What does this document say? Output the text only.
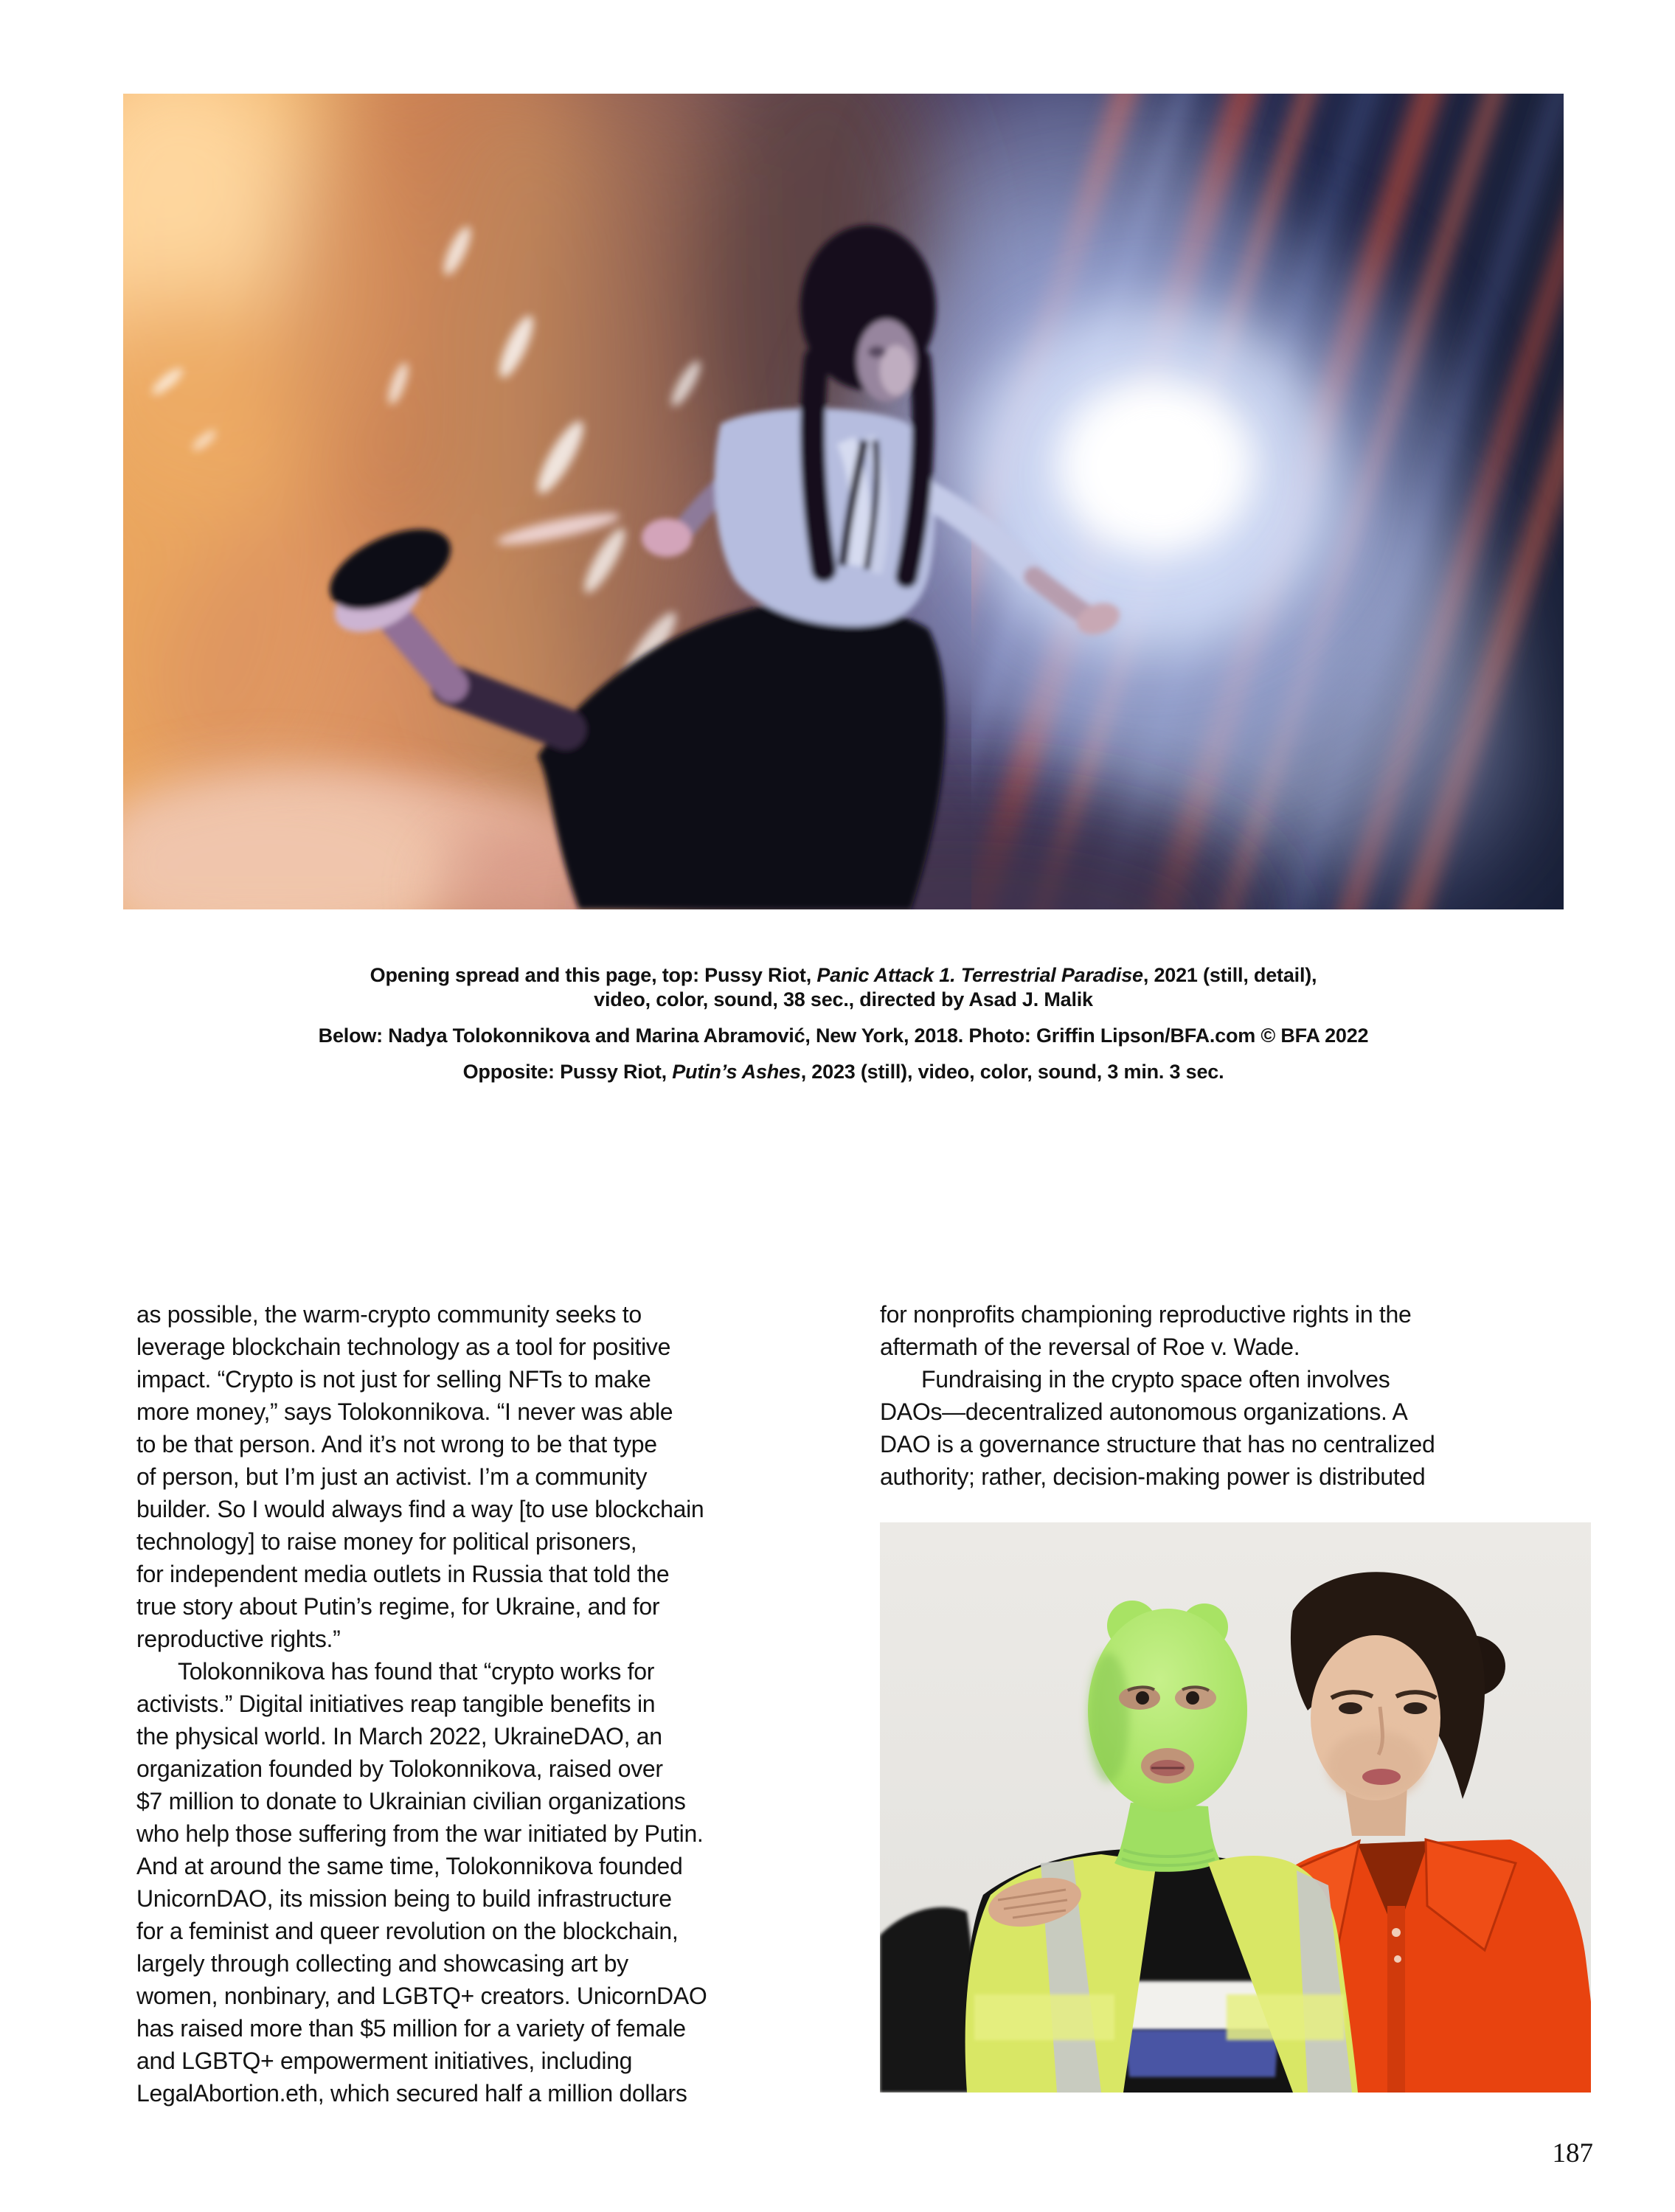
Opening spread and this page, top: Pussy Riot, Panic Attack 1. Terrestrial Paradise, 2021 (still, detail),
video, color, sound, 38 sec., directed by Asad J. Malik

Below: Nadya Tolokonnikova and Marina Abramović, New York, 2018. Photo: Griffin Lipson/BFA.com © BFA 2022

Opposite: Pussy Riot, Putin’s Ashes, 2023 (still), video, color, sound, 3 min. 3 sec.

as possible, the warm-crypto community seeks to
leverage blockchain technology as a tool for positive
impact. “Crypto is not just for selling NFTs to make
more money,” says Tolokonnikova. “I never was able
to be that person. And it’s not wrong to be that type
of person, but I’m just an activist. I’m a community
builder. So I would always find a way [to use blockchain
technology] to raise money for political prisoners,
for independent media outlets in Russia that told the
true story about Putin’s regime, for Ukraine, and for
reproductive rights.”
Tolokonnikova has found that “crypto works for
activists.” Digital initiatives reap tangible benefits in
the physical world. In March 2022, UkraineDAO, an
organization founded by Tolokonnikova, raised over
$7 million to donate to Ukrainian civilian organizations
who help those suffering from the war initiated by Putin.
And at around the same time, Tolokonnikova founded
UnicornDAO, its mission being to build infrastructure
for a feminist and queer revolution on the blockchain,
largely through collecting and showcasing art by
women, nonbinary, and LGBTQ+ creators. UnicornDAO
has raised more than $5 million for a variety of female
and LGBTQ+ empowerment initiatives, including
LegalAbortion.eth, which secured half a million dollars
for nonprofits championing reproductive rights in the
aftermath of the reversal of Roe v. Wade.
Fundraising in the crypto space often involves
DAOs—decentralized autonomous organizations. A
DAO is a governance structure that has no centralized
authority; rather, decision-making power is distributed
187
